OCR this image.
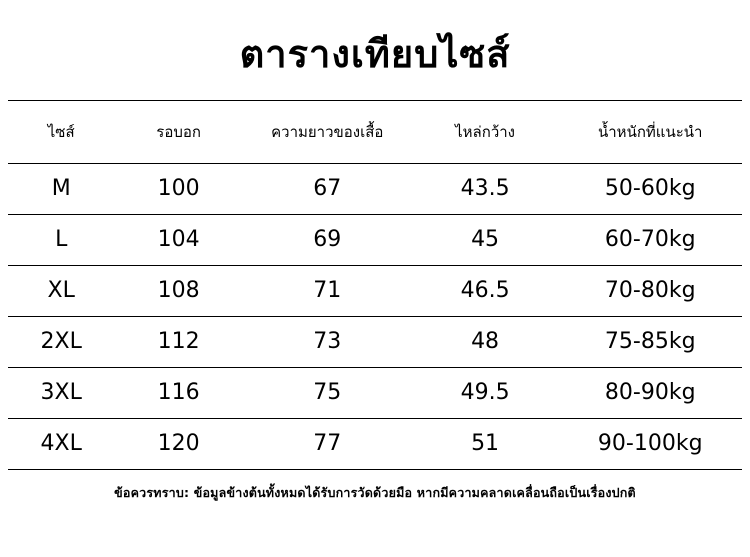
ตารางเทียบไซส์
ไซส์	รอบอก	ความยาวของเสื้อ	ไหล่กว้าง	น้ำหนักที่แนะนำ
M	100	67	43.5	50-60kg
L	104	69	45	60-70kg
XL	108	71	46.5	70-80kg
2XL	112	73	48	75-85kg
3XL	116	75	49.5	80-90kg
4XL	120	77	51	90-100kg
ข้อควรทราบ: ข้อมูลข้างต้นทั้งหมดได้รับการวัดด้วยมือ หากมีความคลาดเคลื่อนถือเป็นเรื่องปกติ
